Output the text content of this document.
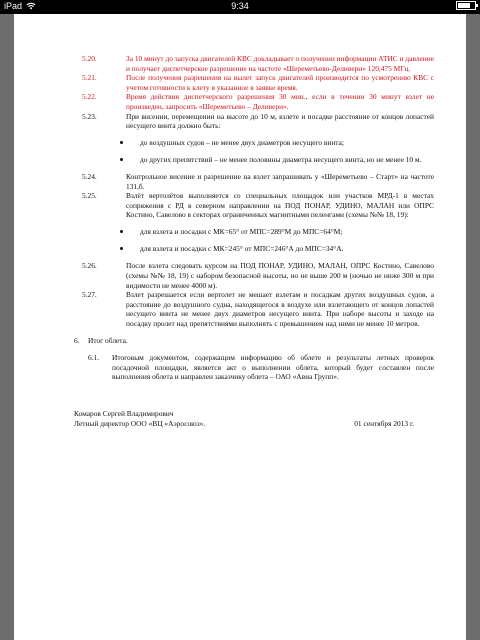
iPad	9:34

5.20.	За 10 минут до запуска двигателей КВС докладывает о получении информации АТИС и давление и получает диспетчерское разрешение на частоте «Шереметьево-Деливери» 120,475 МГц.

5.21.	После получения разрешения на вылет запуск двигателей производится по усмотрению КВС с учетом готовности к клету в указанное в заявке время.

5.22.	Время действия диспетчерского разрешения 30 мин., если в течении 30 минут взлет не произведен, запросить «Шереметьево – Деливери».

5.23.	При висении, перемещении на высоте до 10 м, взлете и посадке расстояние от концов лопастей несущего винта должно быть:

до воздушных судов – не менее двух диаметров несущего винта;

до других препятствий – не менее половины диаметра несущего винта, но не менее 10 м.

5.24.	Контрольное висение и разрешение на взлет запрашивать у «Шереметьево – Старт» на частоте 131,б.

5.25.	Взлёт вертолётов выполняется со специальных площадок или участков МРД-1 в местах сопряжения с РД в северном направлении на ПОД ПОНАР, УДИНО, МАЛАН или ОПРС Костино, Савелово в секторах ограниченных магнитными пеленгами (схемы №№ 18, 19):

для взлета и посадки с МК=65° от МПС=289°М до МПС=64°М;

для взлета и посадки с МК=245° от МПС=246°А до МПС=34°А.

5.26.	После взлета следовать курсом на ПОД ПОНАР, УДИНО, МАЛАН, ОПРС Костино, Савелово (схемы №№ 18, 19) с набором безопасной высоты, но не выше 200 м (ночью не ниже 300 м при видимости не менее 4000 м).

5.27.	Взлет разрешается если вертолет не мешает взлетам и посадкам других воздушных судов, а расстояние до воздушного судна, находящегося в воздухе или взлетающего от концов лопастей несущего винта не менее двух диаметров несущего винта. При наборе высоты и заходе на посадку пролет над препятствиями выполнять с превышением над ними не менее 10 метров.

6. Итог облета.

6.1. Итоговым документом, содержащим информацию об облете и результаты летных проверок посадочной площадки, является акт о выполнении облета, который будет составлен после выполнения облета и направлен заказчику облета – ОАО «Авиа Групп».

Комаров Сергей Владимирович
Летный директор ООО «ВЦ «Аэросоюз».	01 сентября 2013 г.
